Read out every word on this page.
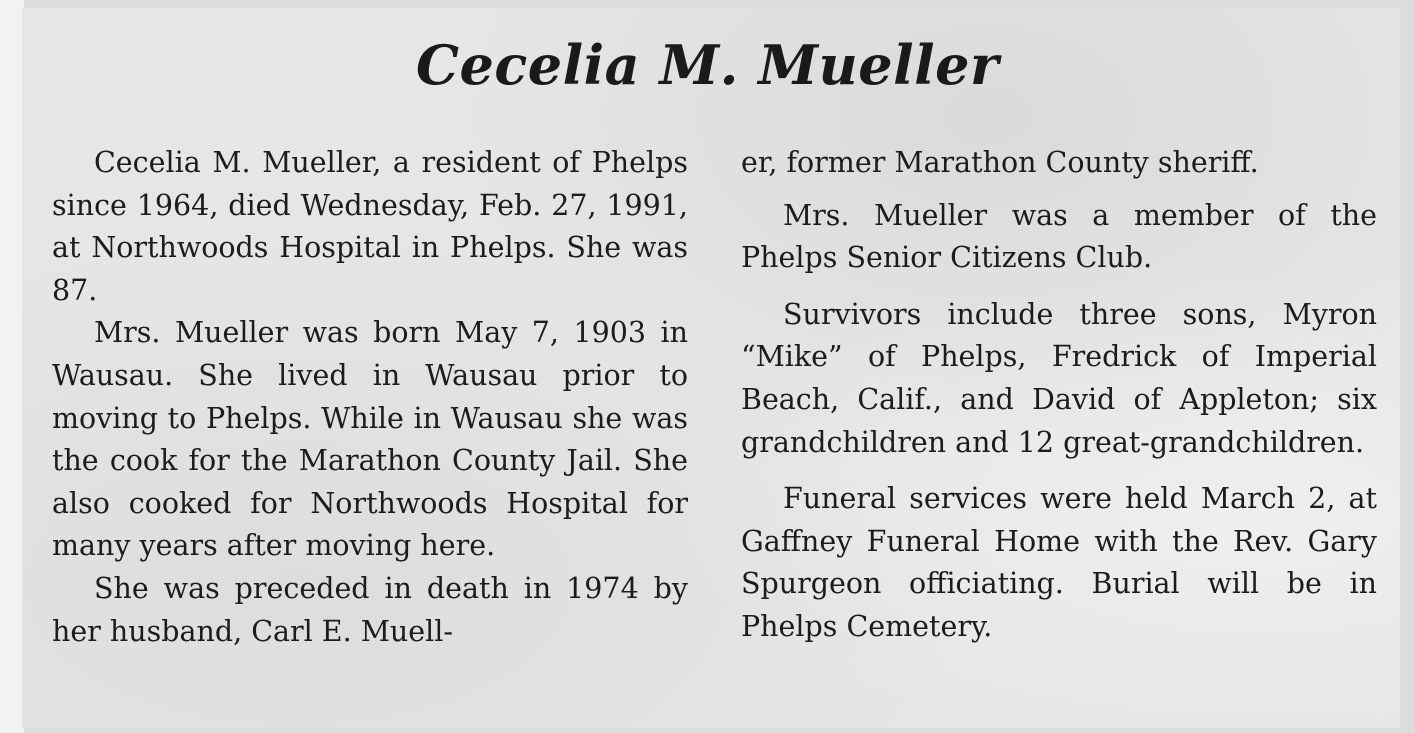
Cecelia M. Mueller

Cecelia M. Mueller, a resident of Phelps since 1964, died Wednesday, Feb. 27, 1991, at Northwoods Hospital in Phelps. She was 87.

Mrs. Mueller was born May 7, 1903 in Wausau. She lived in Wausau prior to moving to Phelps. While in Wausau she was the cook for the Marathon County Jail. She also cooked for Northwoods Hospital for many years after moving here.

She was preceded in death in 1974 by her husband, Carl E. Muell-

er, former Marathon County sheriff.

Mrs. Mueller was a member of the Phelps Senior Citizens Club.

Survivors include three sons, Myron “Mike” of Phelps, Fredrick of Imperial Beach, Calif., and David of Appleton; six grandchildren and 12 great-grandchildren.

Funeral services were held March 2, at Gaffney Funeral Home with the Rev. Gary Spurgeon officiating. Burial will be in Phelps Cemetery.
